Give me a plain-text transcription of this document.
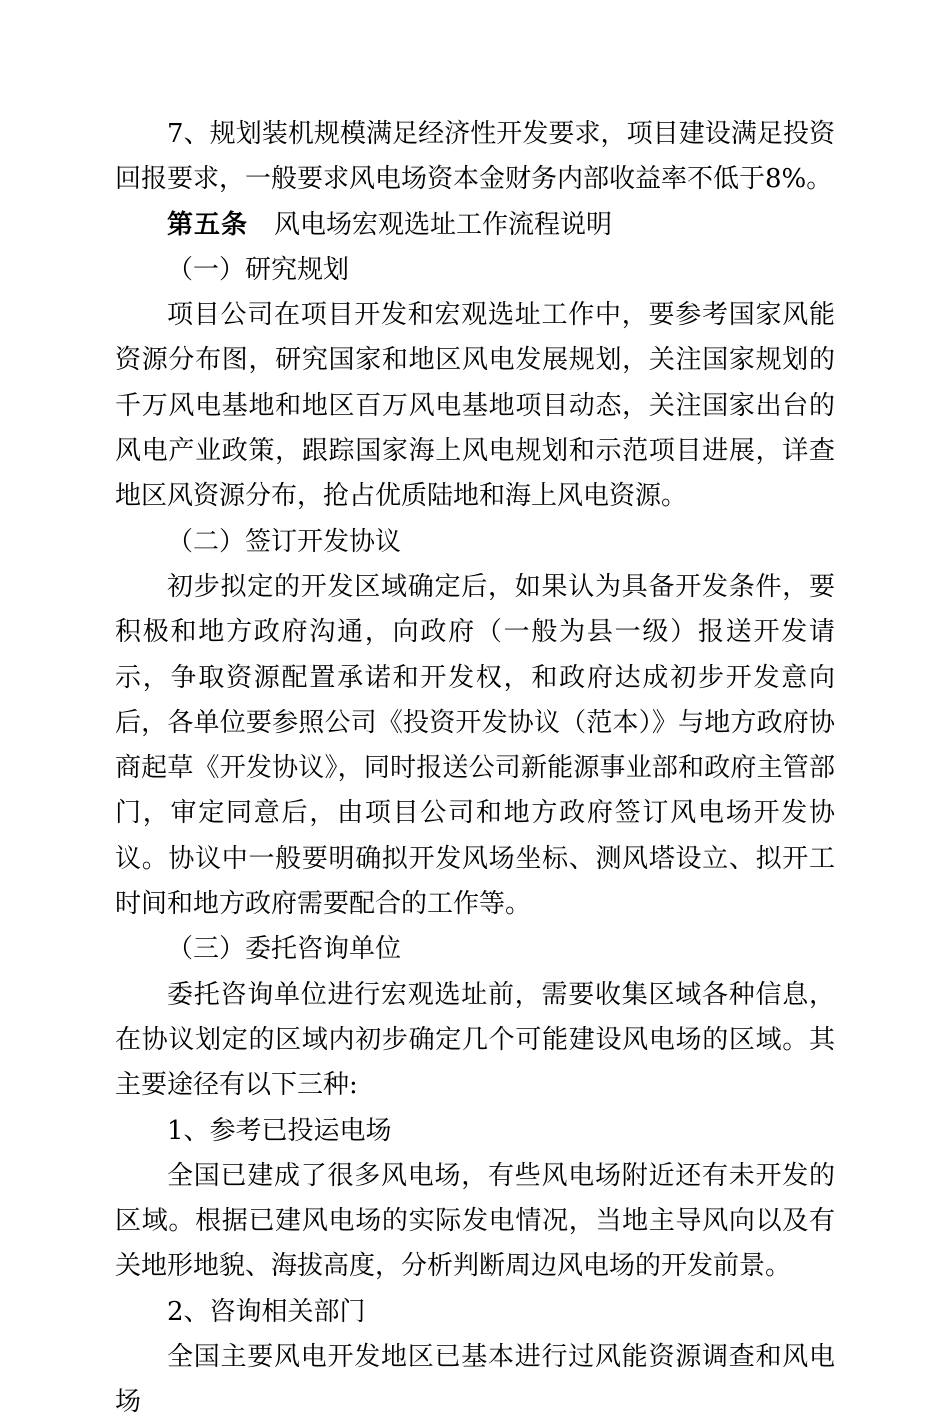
7、规划装机规模满足经济性开发要求，项目建设满足投资回报要求，一般要求风电场资本金财务内部收益率不低于8%。

第五条 风电场宏观选址工作流程说明

（一）研究规划

项目公司在项目开发和宏观选址工作中，要参考国家风能资源分布图，研究国家和地区风电发展规划，关注国家规划的千万风电基地和地区百万风电基地项目动态，关注国家出台的风电产业政策，跟踪国家海上风电规划和示范项目进展，详查地区风资源分布，抢占优质陆地和海上风电资源。

（二）签订开发协议

初步拟定的开发区域确定后，如果认为具备开发条件，要积极和地方政府沟通，向政府（一般为县一级）报送开发请示，争取资源配置承诺和开发权，和政府达成初步开发意向后，各单位要参照公司《投资开发协议（范本）》与地方政府协商起草《开发协议》，同时报送公司新能源事业部和政府主管部门，审定同意后，由项目公司和地方政府签订风电场开发协议。协议中一般要明确拟开发风场坐标、测风塔设立、拟开工时间和地方政府需要配合的工作等。

（三）委托咨询单位

委托咨询单位进行宏观选址前，需要收集区域各种信息，在协议划定的区域内初步确定几个可能建设风电场的区域。其主要途径有以下三种:

1、参考已投运电场

全国已建成了很多风电场，有些风电场附近还有未开发的区域。根据已建风电场的实际发电情况，当地主导风向以及有关地形地貌、海拔高度，分析判断周边风电场的开发前景。

2、咨询相关部门

全国主要风电开发地区已基本进行过风能资源调查和风电场
